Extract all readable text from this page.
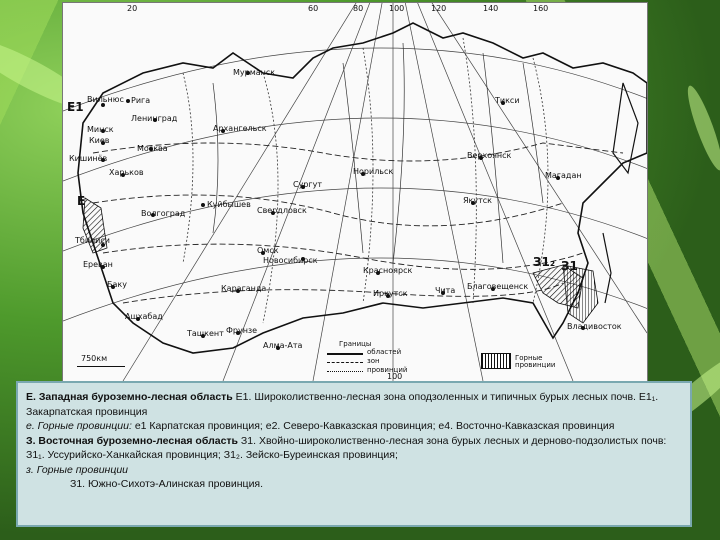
20	60	80	100	120	140	160
100
Е1
Е
З1₂ З1
Мурманск
Вильнюс Рига
Ленинград
Архангельск
Минск
Киев
Москва
Кишинёв
Харьков
Куйбышев
Волгоград
Тбилиси
Ереван
Баку
Ашхабад
Ташкент Фрунзе
Алма-Ата
Караганда
Омск
Новосибирск
Свердловск
Сургут
Норильск
Красноярск
Иркутск	Чита
Якутск
Верхоянск
Тикси
Магадан
Благовещенск
Владивосток
750км
Границы
областей
зон
провинций
Горные провинции

Е. Западная буроземно-лесная область Е1. Широколиственно-лесная зона оподзоленных и типичных бурых лесных почв. Е1₁. Закарпатская провинция

е. Горные провинции: е1 Карпатская провинция; е2. Северо-Кавказская провинция; е4. Восточно-Кавказская провинция

З. Восточная буроземно-лесная область З1. Хвойно-широколиственно-лесная зона бурых лесных и дерново-подзолистых почв: З1₁. Уссурийско-Ханкайская провинция; З1₂. Зейско-Буреинская провинция;

з. Горные провинции

З1. Южно-Сихотэ-Алинская провинция.
